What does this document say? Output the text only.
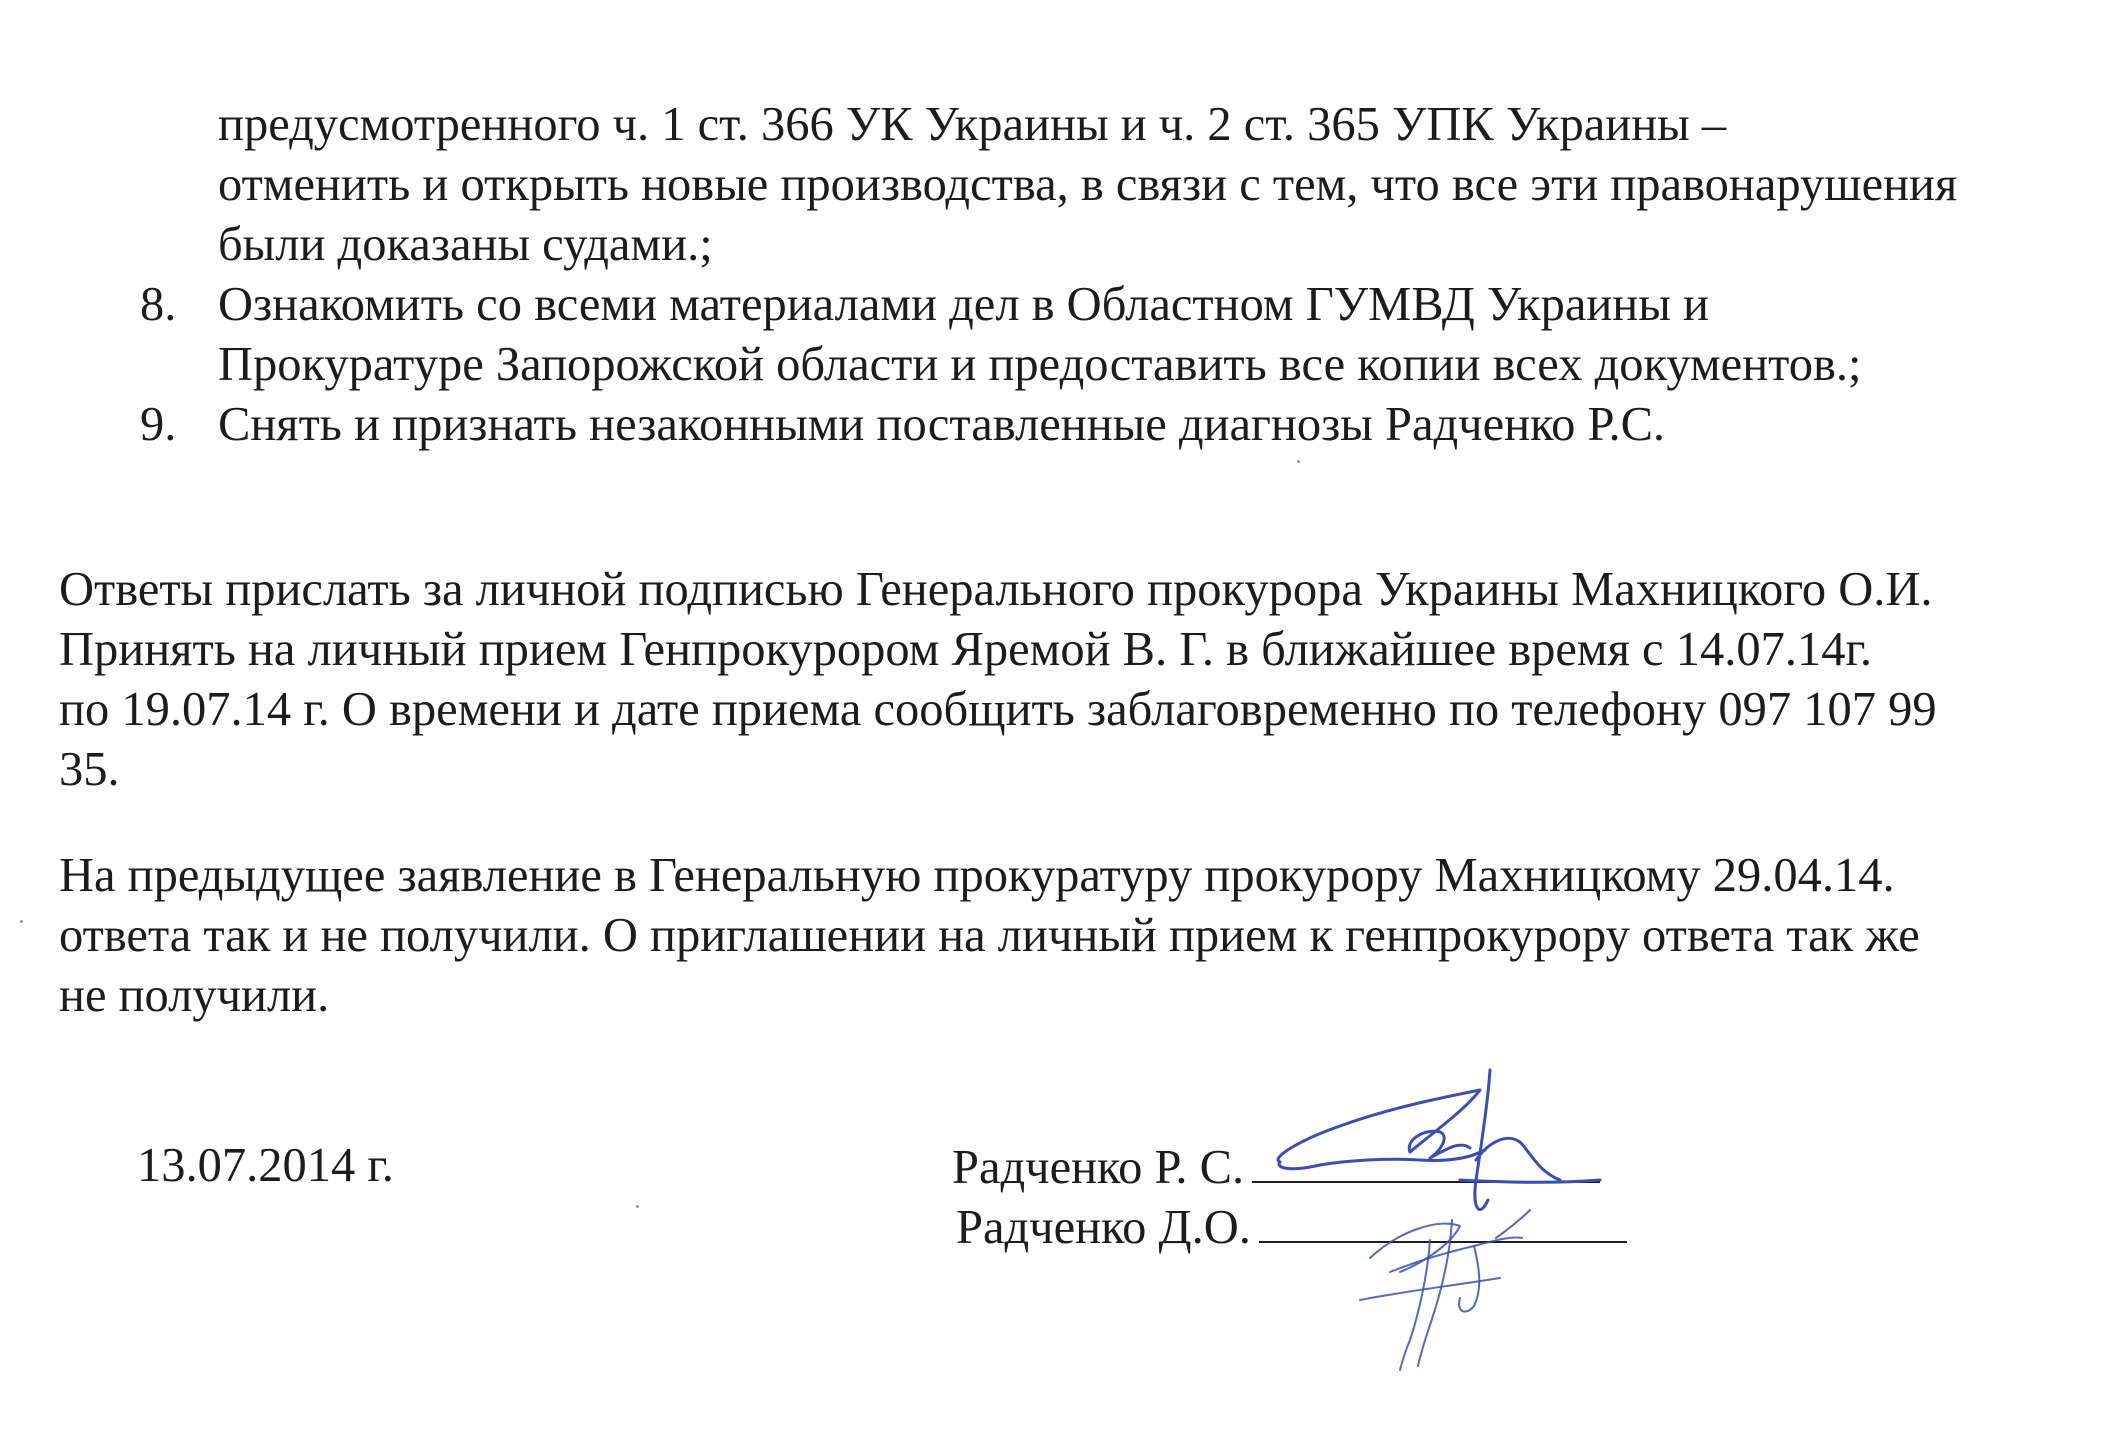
предусмотренного ч. 1 ст. 366 УК Украины и ч. 2 ст. 365 УПК Украины –
отменить и открыть новые производства, в связи с тем, что все эти правонарушения
были доказаны судами.;
8. Ознакомить со всеми материалами дел в Областном ГУМВД Украины и
Прокуратуре Запорожской области и предоставить все копии всех документов.;
9. Снять и признать незаконными поставленные диагнозы Радченко Р.С.
Ответы прислать за личной подписью Генерального прокурора Украины Махницкого О.И.
Принять на личный прием Генпрокурором Яремой В. Г. в ближайшее время с 14.07.14г.
по 19.07.14 г. О времени и дате приема сообщить заблаговременно по телефону 097 107 99
35.
На предыдущее заявление в Генеральную прокуратуру прокурору Махницкому 29.04.14.
ответа так и не получили. О приглашении на личный прием к генпрокурору ответа так же
не получили.
13.07.2014 г.	Радченко Р. С.
Радченко Д.О.
